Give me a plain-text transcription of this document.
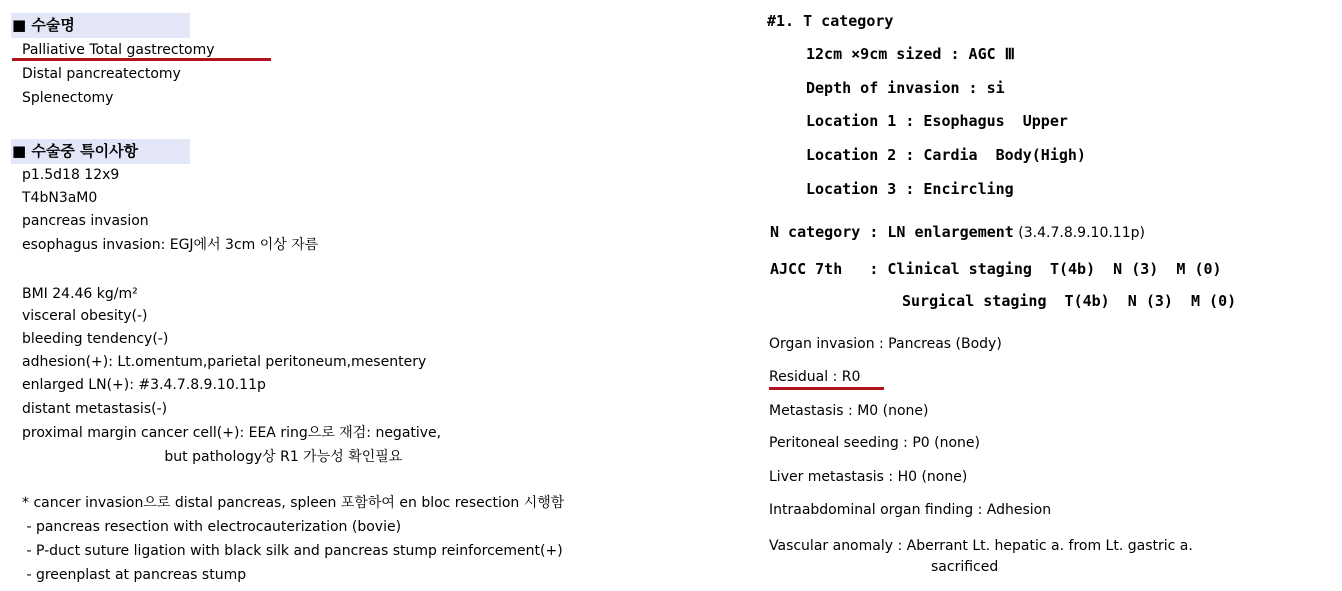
■ 수술명
Palliative Total gastrectomy
Distal pancreatectomy
Splenectomy
■ 수술중 특이사항
p1.5d18 12x9
T4bN3aM0
pancreas invasion
esophagus invasion: EGJ에서 3cm 이상 자름
BMI 24.46 kg/m²
visceral obesity(-)
bleeding tendency(-)
adhesion(+): Lt.omentum,parietal peritoneum,mesentery
enlarged LN(+): #3.4.7.8.9.10.11p
distant metastasis(-)
proximal margin cancer cell(+): EEA ring으로 재검: negative,
but pathology상 R1 가능성 확인필요
* cancer invasion으로 distal pancreas, spleen 포함하여 en bloc resection 시행함
- pancreas resection with electrocauterization (bovie)
- P-duct suture ligation with black silk and pancreas stump reinforcement(+)
- greenplast at pancreas stump
#1. T category
12cm ×9cm sized : AGC Ⅲ
Depth of invasion : si
Location 1 : Esophagus  Upper
Location 2 : Cardia  Body(High)
Location 3 : Encircling
N category : LN enlargement (3.4.7.8.9.10.11p)
AJCC 7th   : Clinical staging  T(4b)  N (3)  M (0)
Surgical staging  T(4b)  N (3)  M (0)
Organ invasion : Pancreas (Body)
Residual : R0
Metastasis : M0 (none)
Peritoneal seeding : P0 (none)
Liver metastasis : H0 (none)
Intraabdominal organ finding : Adhesion
Vascular anomaly : Aberrant Lt. hepatic a. from Lt. gastric a.
sacrificed
